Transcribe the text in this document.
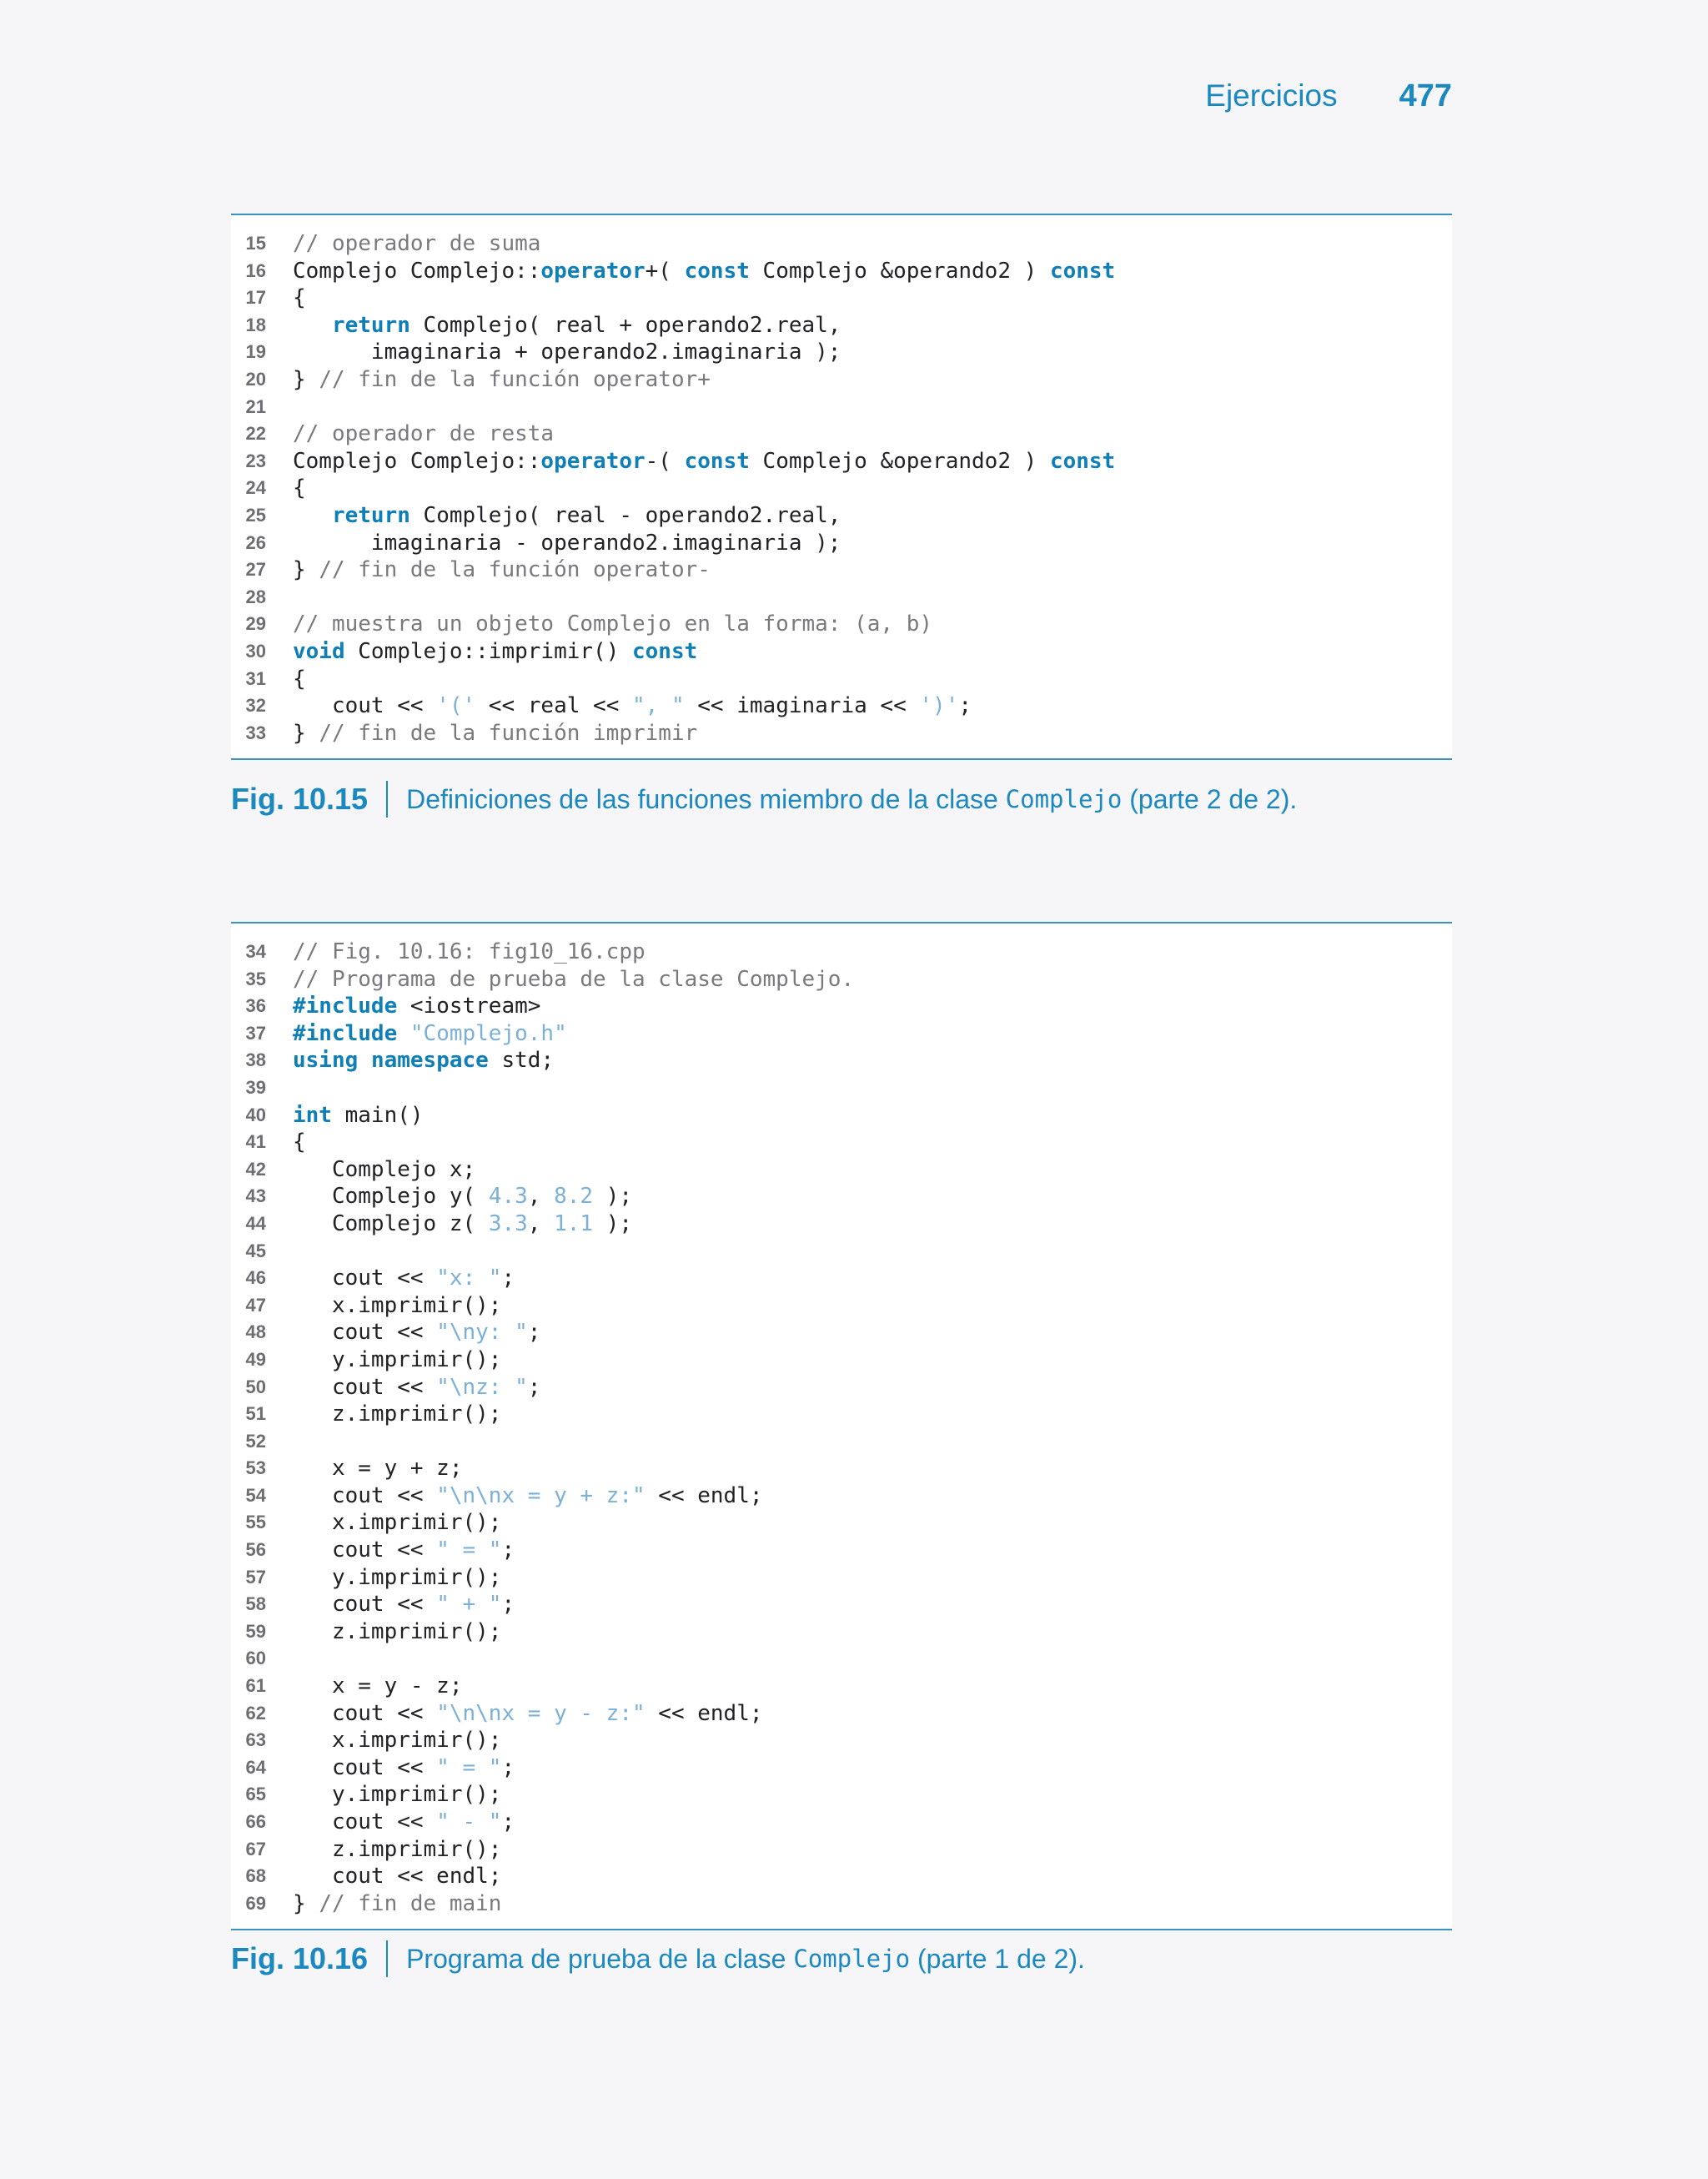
Ejercicios 477
15	// operador de suma
16	Complejo Complejo::operator+( const Complejo &operando2 ) const
17	{
18	return Complejo( real + operando2.real,
19	imaginaria + operando2.imaginaria );
20	} // fin de la función operator+
21
22	// operador de resta
23	Complejo Complejo::operator-( const Complejo &operando2 ) const
24	{
25	return Complejo( real - operando2.real,
26	imaginaria - operando2.imaginaria );
27	} // fin de la función operator-
28
29	// muestra un objeto Complejo en la forma: (a, b)
30	void Complejo::imprimir() const
31	{
32	cout << '(' << real << ", " << imaginaria << ')';
33	} // fin de la función imprimir
Fig. 10.15 Definiciones de las funciones miembro de la clase Complejo (parte 2 de 2).
34	// Fig. 10.16: fig10_16.cpp
35	// Programa de prueba de la clase Complejo.
36	#include <iostream>
37	#include "Complejo.h"
38	using namespace std;
39
40	int main()
41	{
42	Complejo x;
43	Complejo y( 4.3, 8.2 );
44	Complejo z( 3.3, 1.1 );
45
46	cout << "x: ";
47	x.imprimir();
48	cout << "\ny: ";
49	y.imprimir();
50	cout << "\nz: ";
51	z.imprimir();
52
53	x = y + z;
54	cout << "\n\nx = y + z:" << endl;
55	x.imprimir();
56	cout << " = ";
57	y.imprimir();
58	cout << " + ";
59	z.imprimir();
60
61	x = y - z;
62	cout << "\n\nx = y - z:" << endl;
63	x.imprimir();
64	cout << " = ";
65	y.imprimir();
66	cout << " - ";
67	z.imprimir();
68	cout << endl;
69	} // fin de main
Fig. 10.16 Programa de prueba de la clase Complejo (parte 1 de 2).
